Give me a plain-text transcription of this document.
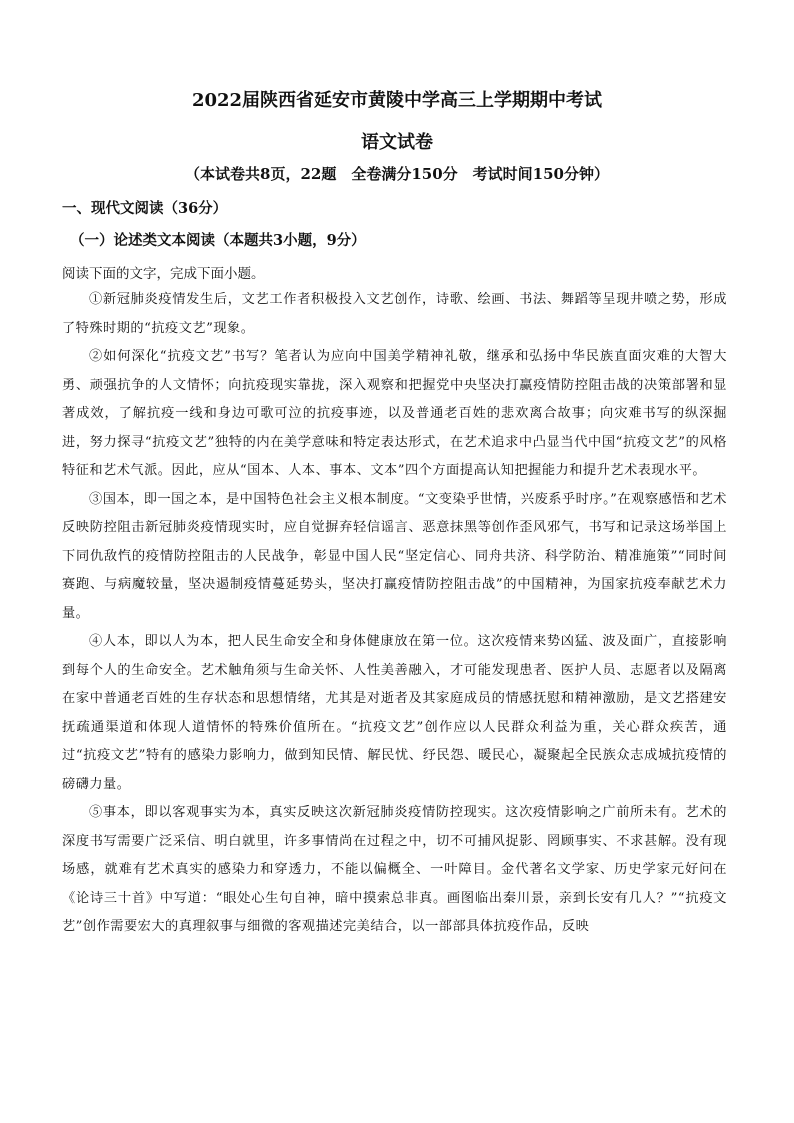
2022届陕西省延安市黄陵中学高三上学期期中考试
语文试卷
（本试卷共8页，22题　全卷满分150分　考试时间150分钟）
一、现代文阅读（36分）
（一）论述类文本阅读（本题共3小题，9分）
阅读下面的文字，完成下面小题。

①新冠肺炎疫情发生后，文艺工作者积极投入文艺创作，诗歌、绘画、书法、舞蹈等呈现井喷之势，形成了特殊时期的“抗疫文艺”现象。

②如何深化“抗疫文艺”书写？笔者认为应向中国美学精神礼敬，继承和弘扬中华民族直面灾难的大智大勇、顽强抗争的人文情怀；向抗疫现实靠拢，深入观察和把握党中央坚决打赢疫情防控阻击战的决策部署和显著成效，了解抗疫一线和身边可歌可泣的抗疫事迹，以及普通老百姓的悲欢离合故事；向灾难书写的纵深掘进，努力探寻“抗疫文艺”独特的内在美学意味和特定表达形式，在艺术追求中凸显当代中国“抗疫文艺”的风格特征和艺术气派。因此，应从“国本、人本、事本、文本”四个方面提高认知把握能力和提升艺术表现水平。

③国本，即一国之本，是中国特色社会主义根本制度。“文变染乎世情，兴废系乎时序。”在观察感悟和艺术反映防控阻击新冠肺炎疫情现实时，应自觉摒弃轻信谣言、恶意抹黑等创作歪风邪气，书写和记录这场举国上下同仇敌忾的疫情防控阻击的人民战争，彰显中国人民“坚定信心、同舟共济、科学防治、精准施策”“同时间赛跑、与病魔较量，坚决遏制疫情蔓延势头，坚决打赢疫情防控阻击战”的中国精神，为国家抗疫奉献艺术力量。

④人本，即以人为本，把人民生命安全和身体健康放在第一位。这次疫情来势凶猛、波及面广，直接影响到每个人的生命安全。艺术触角须与生命关怀、人性美善融入，才可能发现患者、医护人员、志愿者以及隔离在家中普通老百姓的生存状态和思想情绪，尤其是对逝者及其家庭成员的情感抚慰和精神激励，是文艺搭建安抚疏通渠道和体现人道情怀的特殊价值所在。“抗疫文艺”创作应以人民群众利益为重，关心群众疾苦，通过“抗疫文艺”特有的感染力影响力，做到知民情、解民忧、纾民怨、暖民心，凝聚起全民族众志成城抗疫情的磅礴力量。

⑤事本，即以客观事实为本，真实反映这次新冠肺炎疫情防控现实。这次疫情影响之广前所未有。艺术的深度书写需要广泛采信、明白就里，许多事情尚在过程之中，切不可捕风捉影、罔顾事实、不求甚解。没有现场感，就难有艺术真实的感染力和穿透力，不能以偏概全、一叶障目。金代著名文学家、历史学家元好问在《论诗三十首》中写道：“眼处心生句自神，暗中摸索总非真。画图临出秦川景，亲到长安有几人？”“抗疫文艺”创作需要宏大的真理叙事与细微的客观描述完美结合，以一部部具体抗疫作品，反映
